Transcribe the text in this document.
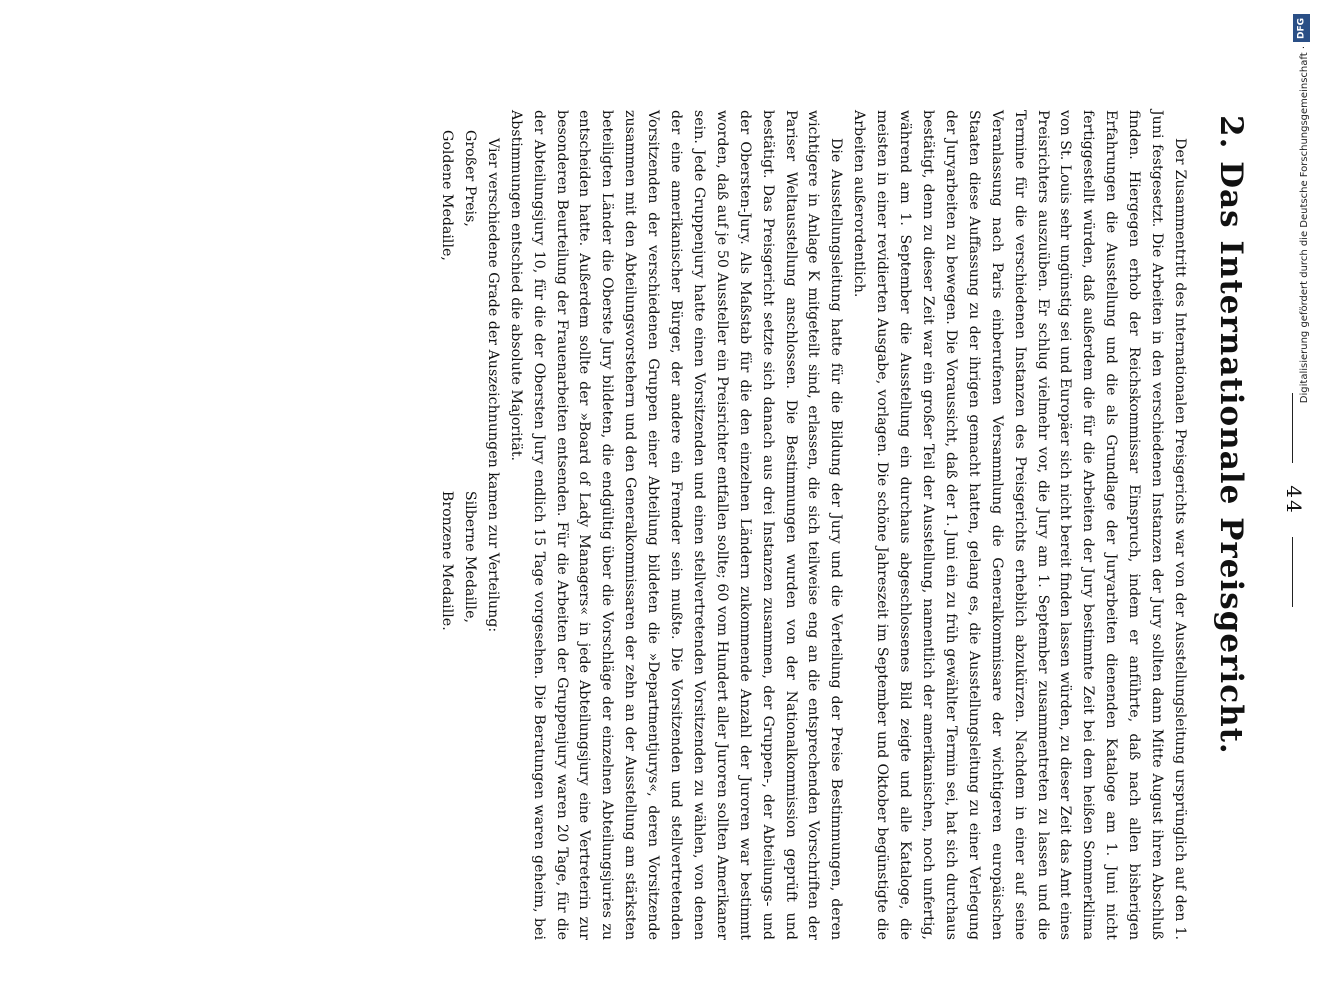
44
2. Das Internationale Preisgericht.

Der Zusammentritt des Internationalen Preisgerichts war von der Ausstellungsleitung ursprünglich auf den 1. Juni festgesetzt. Die Arbeiten in den verschiedenen Instanzen der Jury sollten dann Mitte August ihren Abschluß finden. Hiergegen erhob der Reichskommissar Einspruch, indem er anführte, daß nach allen bisherigen Erfahrungen die Ausstellung und die als Grundlage der Juryarbeiten dienenden Kataloge am 1. Juni nicht fertiggestellt würden, daß außerdem die für die Arbeiten der Jury bestimmte Zeit bei dem heißen Sommerklima von St. Louis sehr ungünstig sei und Europäer sich nicht bereit finden lassen würden, zu dieser Zeit das Amt eines Preisrichters auszuüben. Er schlug vielmehr vor, die Jury am 1. September zusammentreten zu lassen und die Termine für die verschiedenen Instanzen des Preisgerichts erheblich abzukürzen. Nachdem in einer auf seine Veranlassung nach Paris einberufenen Versammlung die Generalkommissare der wichtigeren europäischen Staaten diese Auffassung zu der ihrigen gemacht hatten, gelang es, die Ausstellungsleitung zu einer Verlegung der Juryarbeiten zu bewegen. Die Voraussicht, daß der 1. Juni ein zu früh gewählter Termin sei, hat sich durchaus bestätigt, denn zu dieser Zeit war ein großer Teil der Ausstellung, namentlich der amerikanischen, noch unfertig, während am 1. September die Ausstellung ein durchaus abgeschlossenes Bild zeigte und alle Kataloge, die meisten in einer revidierten Ausgabe, vorlagen. Die schöne Jahreszeit im September und Oktober begünstigte die Arbeiten außerordentlich.

Die Ausstellungsleitung hatte für die Bildung der Jury und die Verteilung der Preise Bestimmungen, deren wichtigere in Anlage K mitgeteilt sind, erlassen, die sich teilweise eng an die entsprechenden Vorschriften der Pariser Weltausstellung anschlossen. Die Bestimmungen wurden von der Nationalkommission geprüft und bestätigt. Das Preisgericht setzte sich danach aus drei Instanzen zusammen, der Gruppen-, der Abteilungs- und der Obersten-Jury. Als Maßstab für die den einzelnen Ländern zukommende Anzahl der Juroren war bestimmt worden, daß auf je 50 Aussteller ein Preisrichter entfallen sollte; 60 vom Hundert aller Juroren sollten Amerikaner sein. Jede Gruppenjury hatte einen Vorsitzenden und einen stellvertretenden Vorsitzenden zu wählen, von denen der eine amerikanischer Bürger, der andere ein Fremder sein mußte. Die Vorsitzenden und stellvertretenden Vorsitzenden der verschiedenen Gruppen einer Abteilung bildeten die »Departmentjurys«, deren Vorsitzende zusammen mit den Abteilungsvorstehern und den Generalkommissaren der zehn an der Ausstellung am stärksten beteiligten Länder die Oberste Jury bildeten, die endgültig über die Vorschläge der einzelnen Abteilungsjuries zu entscheiden hatte. Außerdem sollte der »Board of Lady Managers« in jede Abteilungsjury eine Vertreterin zur besonderen Beurteilung der Frauenarbeiten entsenden. Für die Arbeiten der Gruppenjury waren 20 Tage, für die der Abteilungsjury 10, für die der Obersten Jury endlich 15 Tage vorgesehen. Die Beratungen waren geheim, bei Abstimmungen entschied die absolute Majorität.

Vier verschiedene Grade der Auszeichnungen kamen zur Verteilung:

Großer Preis,
Goldene Medaille,
Silberne Medaille,
Bronzene Medaille.
DFG
Digitalisierung gefördert durch die Deutsche Forschungsgemeinschaft ·
